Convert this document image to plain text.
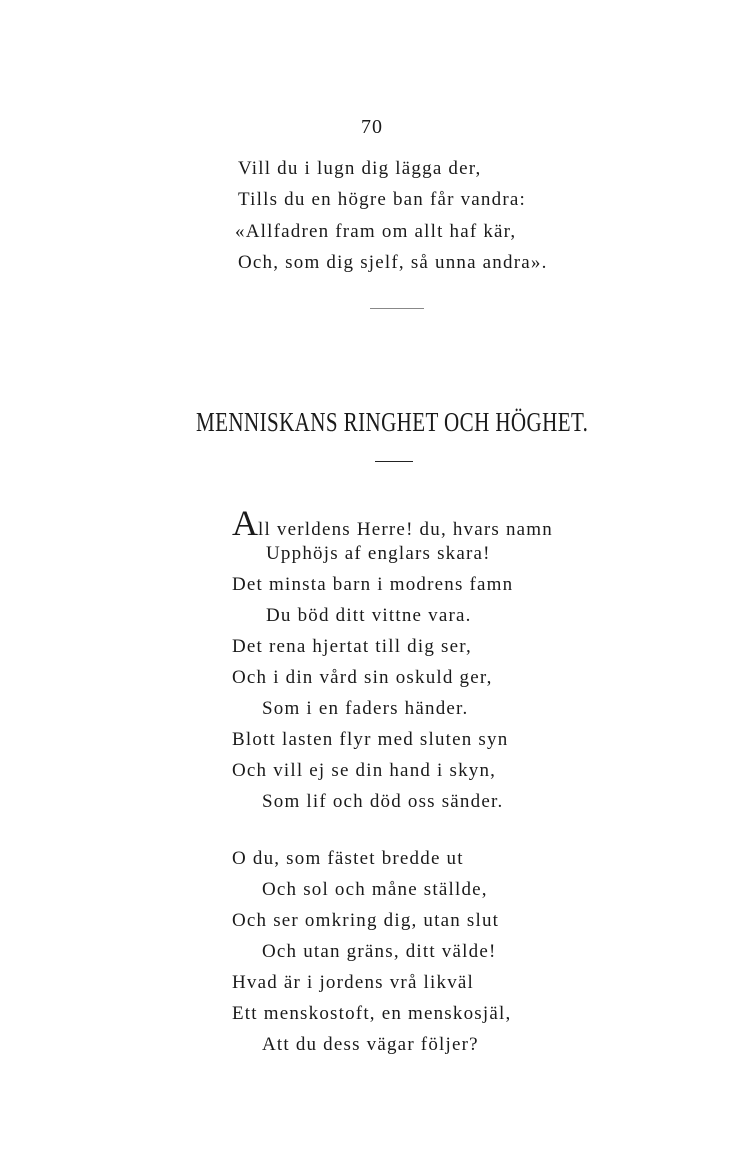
70
Vill du i lugn dig lägga der,
Tills du en högre ban får vandra:
«Allfadren fram om allt haf kär,
Och, som dig sjelf, så unna andra».
MENNISKANS RINGHET OCH HÖGHET.
All verldens Herre! du, hvars namn
Upphöjs af englars skara!
Det minsta barn i modrens famn
Du böd ditt vittne vara.
Det rena hjertat till dig ser,
Och i din vård sin oskuld ger,
Som i en faders händer.
Blott lasten flyr med sluten syn
Och vill ej se din hand i skyn,
Som lif och död oss sänder.
O du, som fästet bredde ut
Och sol och måne ställde,
Och ser omkring dig, utan slut
Och utan gräns, ditt välde!
Hvad är i jordens vrå likväl
Ett menskostoft, en menskosjäl,
Att du dess vägar följer?
